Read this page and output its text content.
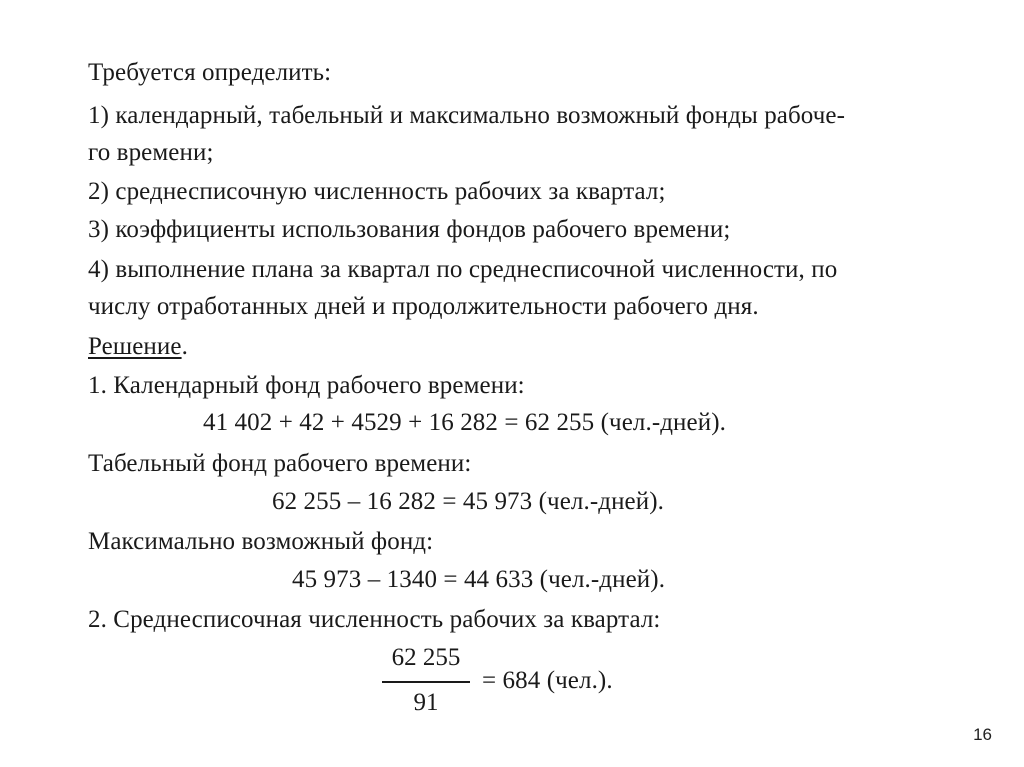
Требуется определить:
1) календарный, табельный и максимально возможный фонды рабоче-
го времени;
2) среднесписочную численность рабочих за квартал;
3) коэффициенты использования фондов рабочего времени;
4) выполнение плана за квартал по среднесписочной численности, по
числу отработанных дней и продолжительности рабочего дня.
Решение.
1. Календарный фонд рабочего времени:
41 402 + 42 + 4529 + 16 282 = 62 255 (чел.-дней).
Табельный фонд рабочего времени:
62 255 – 16 282 = 45 973 (чел.-дней).
Максимально возможный фонд:
45 973 – 1340 = 44 633 (чел.-дней).
2. Среднесписочная численность рабочих за квартал:
62 255
91
= 684 (чел.).
16
